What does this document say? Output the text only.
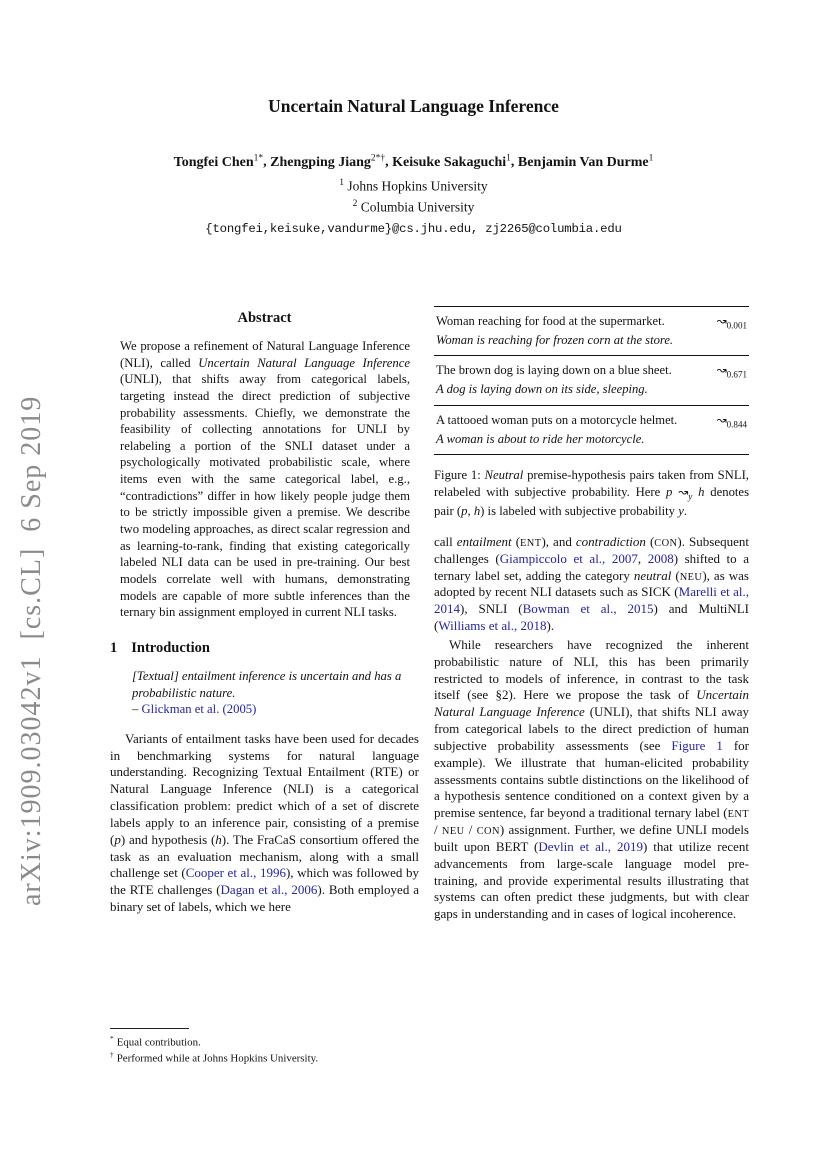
arXiv:1909.03042v1  [cs.CL]  6 Sep 2019
Uncertain Natural Language Inference
Tongfei Chen$^{1*}$, Zhengping Jiang$^{2*\dagger}$, Keisuke Sakaguchi$^1$, Benjamin Van Durme$^1$
$^1$ Johns Hopkins University
$^2$ Columbia University
{tongfei,keisuke,vandurme}@cs.jhu.edu, zj2265@columbia.edu
Abstract

We propose a refinement of Natural Language Inference (NLI), called Uncertain Natural Language Inference (UNLI), that shifts away from categorical labels, targeting instead the direct prediction of subjective probability assessments. Chiefly, we demonstrate the feasibility of collecting annotations for UNLI by relabeling a portion of the SNLI dataset under a psychologically motivated probabilistic scale, where items even with the same categorical label, e.g., “contradictions” differ in how likely people judge them to be strictly impossible given a premise. We describe two modeling approaches, as direct scalar regression and as learning-to-rank, finding that existing categorically labeled NLI data can be used in pre-training. Our best models correlate well with humans, demonstrating models are capable of more subtle inferences than the ternary bin assignment employed in current NLI tasks.

1 Introduction
[Textual] entailment inference is uncertain and has a probabilistic nature.
– Glickman et al. (2005)

Variants of entailment tasks have been used for decades in benchmarking systems for natural language understanding. Recognizing Textual Entailment (RTE) or Natural Language Inference (NLI) is a categorical classification problem: predict which of a set of discrete labels apply to an inference pair, consisting of a premise (p) and hypothesis (h). The FraCaS consortium offered the task as an evaluation mechanism, along with a small challenge set (Cooper et al., 1996), which was followed by the RTE challenges (Dagan et al., 2006). Both employed a binary set of labels, which we here

Woman reaching for food at the supermarket.	$↝_{0.001}$
Woman is reaching for frozen corn at the store.
The brown dog is laying down on a blue sheet.	$↝_{0.671}$
A dog is laying down on its side, sleeping.
A tattooed woman puts on a motorcycle helmet.	$↝_{0.844}$
A woman is about to ride her motorcycle.
Figure 1: Neutral premise-hypothesis pairs taken from SNLI, relabeled with subjective probability. Here p $↝_y$ h denotes pair (p, h) is labeled with subjective probability y.

call entailment (ENT), and contradiction (CON). Subsequent challenges (Giampiccolo et al., 2007, 2008) shifted to a ternary label set, adding the category neutral (NEU), as was adopted by recent NLI datasets such as SICK (Marelli et al., 2014), SNLI (Bowman et al., 2015) and MultiNLI (Williams et al., 2018).

While researchers have recognized the inherent probabilistic nature of NLI, this has been primarily restricted to models of inference, in contrast to the task itself (see §2). Here we propose the task of Uncertain Natural Language Inference (UNLI), that shifts NLI away from categorical labels to the direct prediction of human subjective probability assessments (see Figure 1 for example). We illustrate that human-elicited probability assessments contains subtle distinctions on the likelihood of a hypothesis sentence conditioned on a context given by a premise sentence, far beyond a traditional ternary label (ENT / NEU / CON) assignment. Further, we define UNLI models built upon BERT (Devlin et al., 2019) that utilize recent advancements from large-scale language model pre-training, and provide experimental results illustrating that systems can often predict these judgments, but with clear gaps in understanding and in cases of logical incoherence.

* Equal contribution.
† Performed while at Johns Hopkins University.
